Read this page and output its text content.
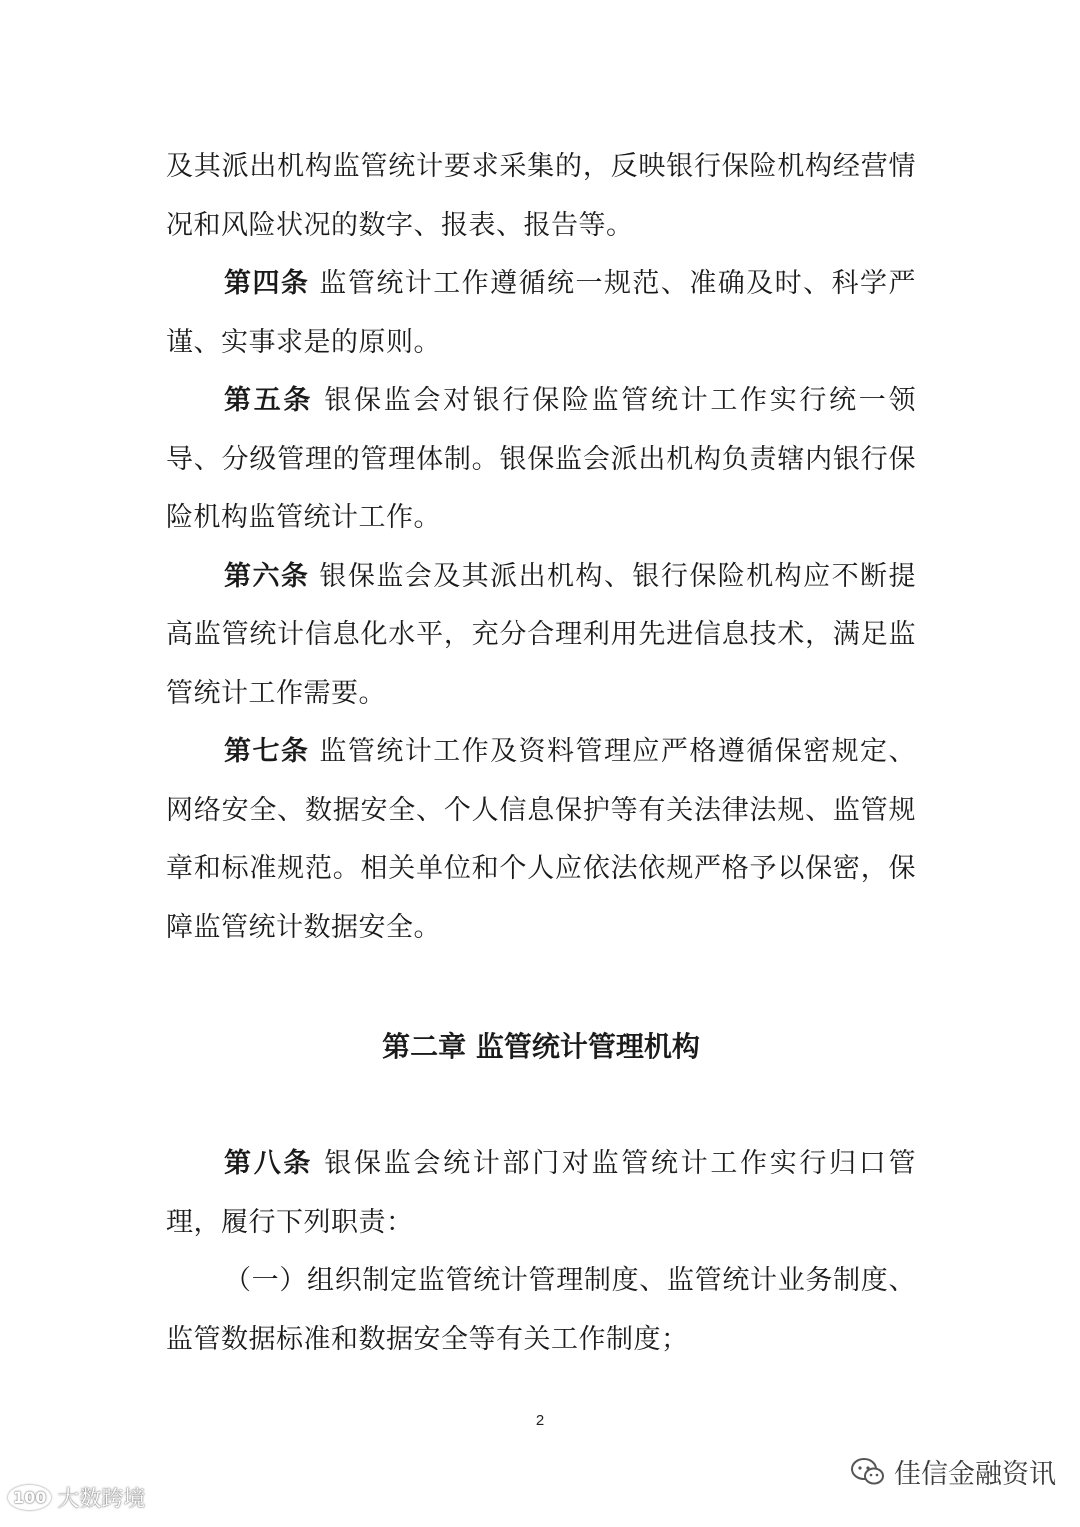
及其派出机构监管统计要求采集的，反映银行保险机构经营情况和风险状况的数字、报表、报告等。

第四条 监管统计工作遵循统一规范、准确及时、科学严谨、实事求是的原则。

第五条 银保监会对银行保险监管统计工作实行统一领导、分级管理的管理体制。银保监会派出机构负责辖内银行保险机构监管统计工作。

第六条 银保监会及其派出机构、银行保险机构应不断提高监管统计信息化水平，充分合理利用先进信息技术，满足监管统计工作需要。

第七条 监管统计工作及资料管理应严格遵循保密规定、网络安全、数据安全、个人信息保护等有关法律法规、监管规章和标准规范。相关单位和个人应依法依规严格予以保密，保障监管统计数据安全。

第二章 监管统计管理机构

第八条 银保监会统计部门对监管统计工作实行归口管理，履行下列职责：

（一）组织制定监管统计管理制度、监管统计业务制度、监管数据标准和数据安全等有关工作制度；

2
100 大数跨境
佳信金融资讯
